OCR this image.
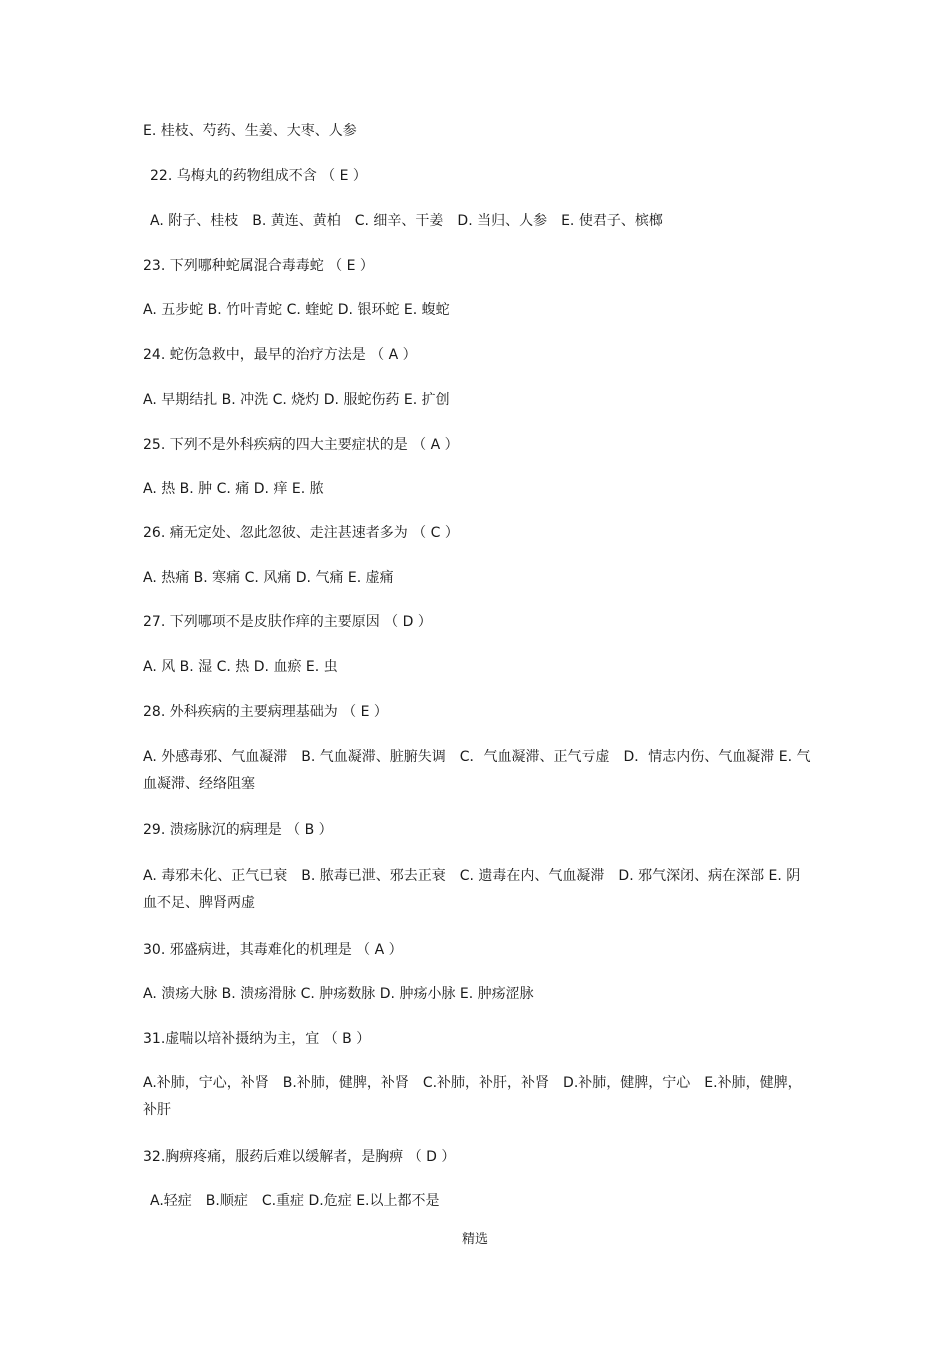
E. 桂枝、芍药、生姜、大枣、人参
22. 乌梅丸的药物组成不含 （ E ）
A. 附子、桂枝　B. 黄连、黄柏　C. 细辛、干姜　D. 当归、人参　E. 使君子、槟榔
23. 下列哪种蛇属混合毒毒蛇 （ E ）
A. 五步蛇 B. 竹叶青蛇 C. 蝰蛇 D. 银环蛇 E. 蝮蛇
24. 蛇伤急救中，最早的治疗方法是 （ A ）
A. 早期结扎 B. 冲洗 C. 烧灼 D. 服蛇伤药 E. 扩创
25. 下列不是外科疾病的四大主要症状的是 （ A ）
A. 热 B. 肿 C. 痛 D. 痒 E. 脓
26. 痛无定处、忽此忽彼、走注甚速者多为 （ C ）
A. 热痛 B. 寒痛 C. 风痛 D. 气痛 E. 虚痛
27. 下列哪项不是皮肤作痒的主要原因 （ D ）
A. 风 B. 湿 C. 热 D. 血瘀 E. 虫
28. 外科疾病的主要病理基础为 （ E ）
A. 外感毒邪、气血凝滞　B. 气血凝滞、脏腑失调　C．气血凝滞、正气亏虚　D．情志内伤、气血凝滞 E. 气血凝滞、经络阻塞
29. 溃疡脉沉的病理是 （ B ）
A. 毒邪未化、正气已衰　B. 脓毒已泄、邪去正衰　C. 遗毒在内、气血凝滞　D. 邪气深闭、病在深部 E. 阴血不足、脾肾两虚
30. 邪盛病进，其毒难化的机理是 （ A ）
A. 溃疡大脉 B. 溃疡滑脉 C. 肿疡数脉 D. 肿疡小脉 E. 肿疡涩脉
31.虚喘以培补摄纳为主，宜 （ B ）
A.补肺，宁心，补肾　B.补肺，健脾，补肾　C.补肺，补肝，补肾　D.补肺，健脾，宁心　E.补肺，健脾，补肝
32.胸痹疼痛，服药后难以缓解者，是胸痹 （ D ）
A.轻症　B.顺症　C.重症 D.危症 E.以上都不是
精选
